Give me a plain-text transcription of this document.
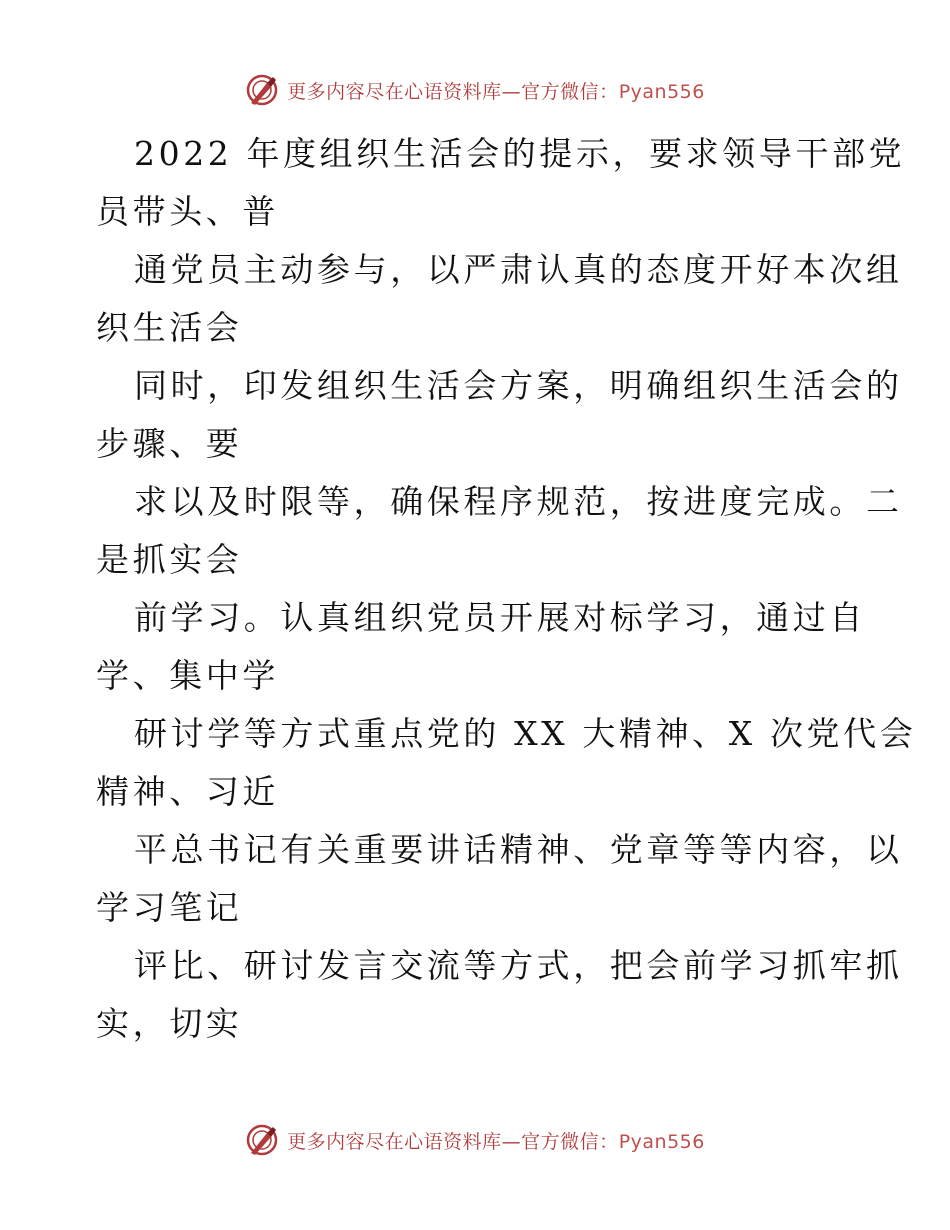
更多内容尽在心语资料库—官方微信：Pyan556

2022 年度组织生活会的提示，要求领导干部党
员带头、普

通党员主动参与，以严肃认真的态度开好本次组
织生活会

同时，印发组织生活会方案，明确组织生活会的
步骤、要

求以及时限等，确保程序规范，按进度完成。二
是抓实会

前学习。认真组织党员开展对标学习，通过自
学、集中学

研讨学等方式重点党的 XX 大精神、X 次党代会
精神、习近

平总书记有关重要讲话精神、党章等等内容，以
学习笔记

评比、研讨发言交流等方式，把会前学习抓牢抓
实，切实

更多内容尽在心语资料库—官方微信：Pyan556
